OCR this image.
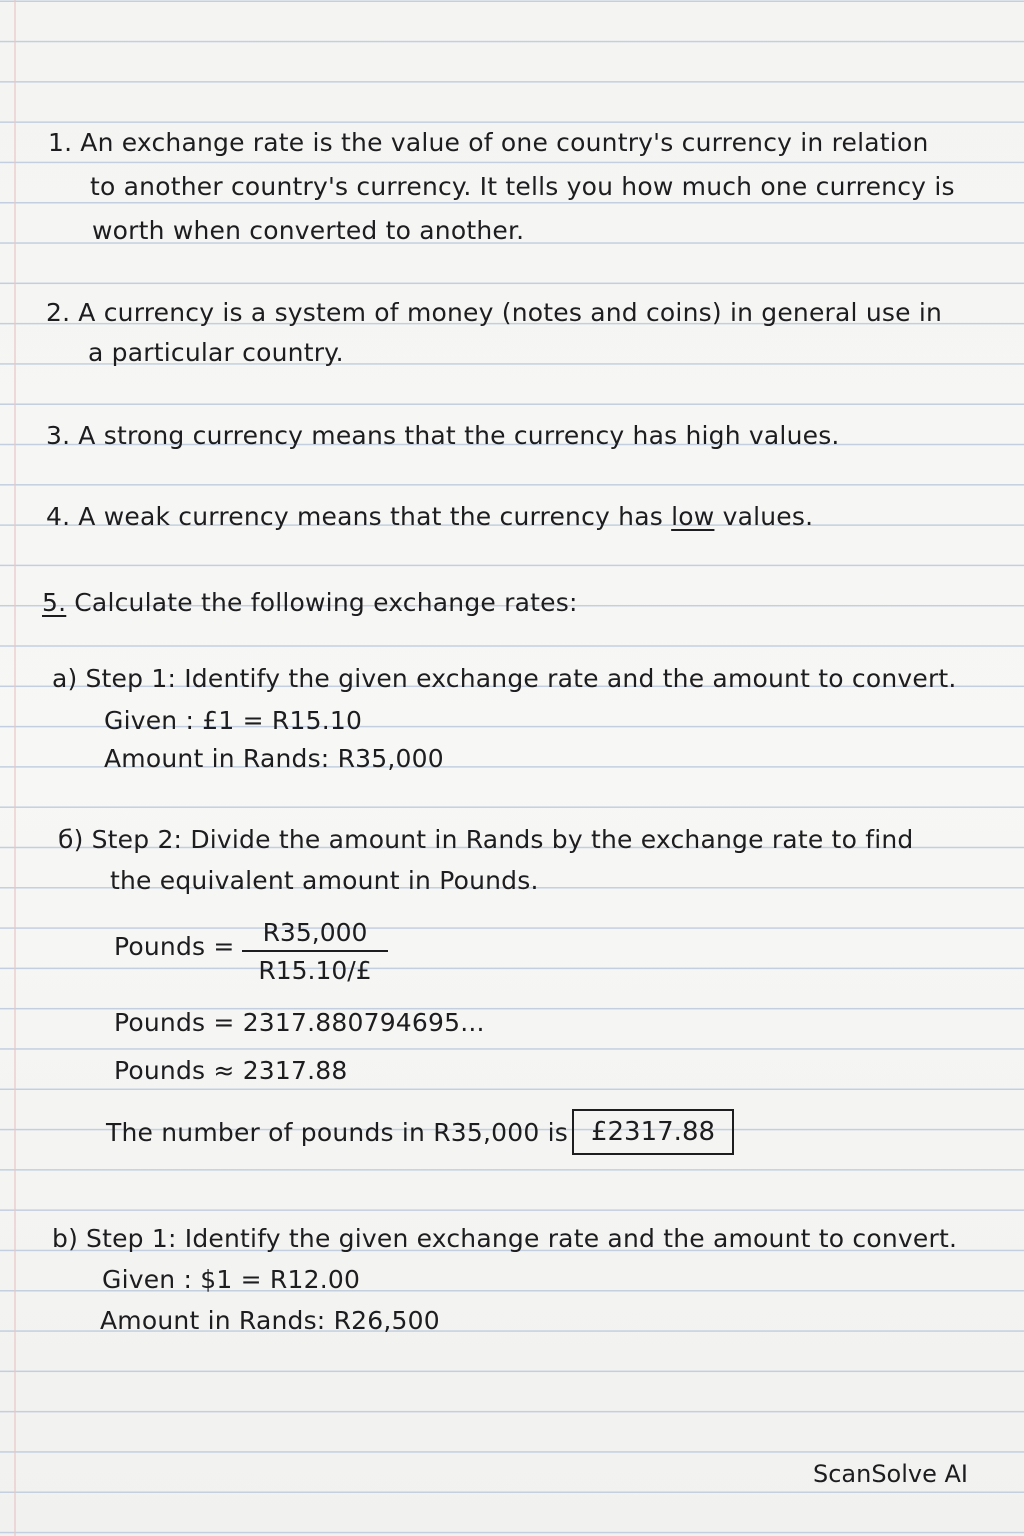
1. An exchange rate is the value of one country's currency in relation
to another country's currency. It tells you how much one currency is
worth when converted to another.
2. A currency is a system of money (notes and coins) in general use in
a particular country.
3. A strong currency means that the currency has high values.
4. A weak currency means that the currency has low values.
5. Calculate the following exchange rates:
a) Step 1: Identify the given exchange rate and the amount to convert.
Given : £1 = R15.10
Amount in Rands: R35,000
б) Step 2: Divide the amount in Rands by the exchange rate to find
the equivalent amount in Pounds.
Pounds =	R35,000
R15.10/£
Pounds = 2317.880794695...
Pounds ≈ 2317.88
The number of pounds in R35,000 is £2317.88
b) Step 1: Identify the given exchange rate and the amount to convert.
Given : $1 = R12.00
Amount in Rands: R26,500
ScanSolve AI
